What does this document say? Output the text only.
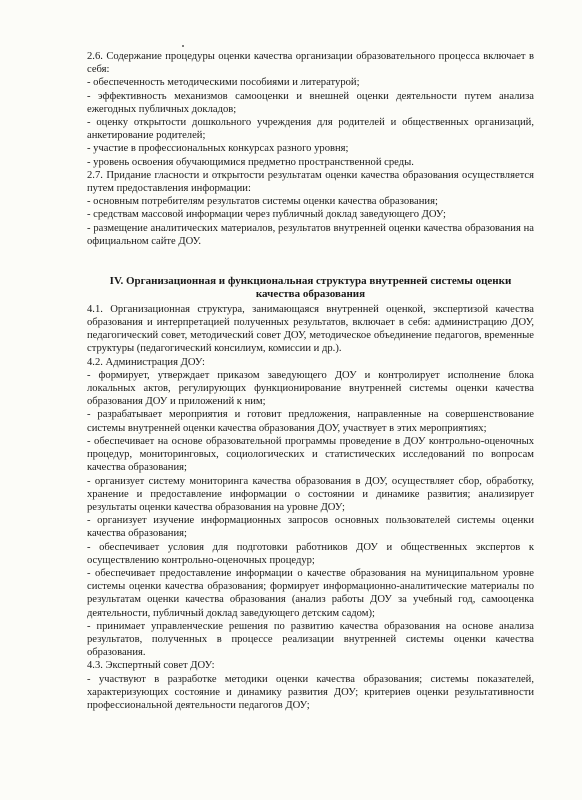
2.6. Содержание процедуры оценки качества организации образовательного процесса включает в себя:

- обеспеченность методическими пособиями и литературой;

- эффективность механизмов самооценки и внешней оценки деятельности путем анализа ежегодных публичных докладов;

- оценку открытости дошкольного учреждения для родителей и общественных организаций, анкетирование родителей;

- участие в профессиональных конкурсах разного уровня;

- уровень освоения обучающимися предметно пространственной среды.

2.7. Придание гласности и открытости результатам оценки качества образования осуществляется путем предоставления информации:

- основным потребителям результатов системы оценки качества образования;

- средствам массовой информации через публичный доклад заведующего ДОУ;

- размещение аналитических материалов, результатов внутренней оценки качества образования на официальном сайте ДОУ.

IV. Организационная и функциональная структура внутренней системы оценки качества образования

4.1. Организационная структура, занимающаяся внутренней оценкой, экспертизой качества образования и интерпретацией полученных результатов, включает в себя: администрацию ДОУ, педагогический совет, методический совет ДОУ, методическое объединение педагогов, временные структуры (педагогический консилиум, комиссии и др.).

4.2. Администрация ДОУ:

- формирует, утверждает приказом заведующего ДОУ и контролирует исполнение блока локальных актов, регулирующих функционирование внутренней системы оценки качества образования ДОУ и приложений к ним;

- разрабатывает мероприятия и готовит предложения, направленные на совершенствование системы внутренней оценки качества образования ДОУ, участвует в этих мероприятиях;

- обеспечивает на основе образовательной программы проведение в ДОУ контрольно-оценочных процедур, мониторинговых, социологических и статистических исследований по вопросам качества образования;

- организует систему мониторинга качества образования в ДОУ, осуществляет сбор, обработку, хранение и предоставление информации о состоянии и динамике развития; анализирует результаты оценки качества образования на уровне ДОУ;

- организует изучение информационных запросов основных пользователей системы оценки качества образования;

- обеспечивает условия для подготовки работников ДОУ и общественных экспертов к осуществлению контрольно-оценочных процедур;

- обеспечивает предоставление информации о качестве образования на муниципальном уровне системы оценки качества образования; формирует информационно-аналитические материалы по результатам оценки качества образования (анализ работы ДОУ за учебный год, самооценка деятельности, публичный доклад заведующего детским садом);

- принимает управленческие решения по развитию качества образования на основе анализа результатов, полученных в процессе реализации внутренней системы оценки качества образования.

4.3. Экспертный совет ДОУ:

- участвуют в разработке методики оценки качества образования; системы показателей, характеризующих состояние и динамику развития ДОУ; критериев оценки результативности профессиональной деятельности педагогов ДОУ;
